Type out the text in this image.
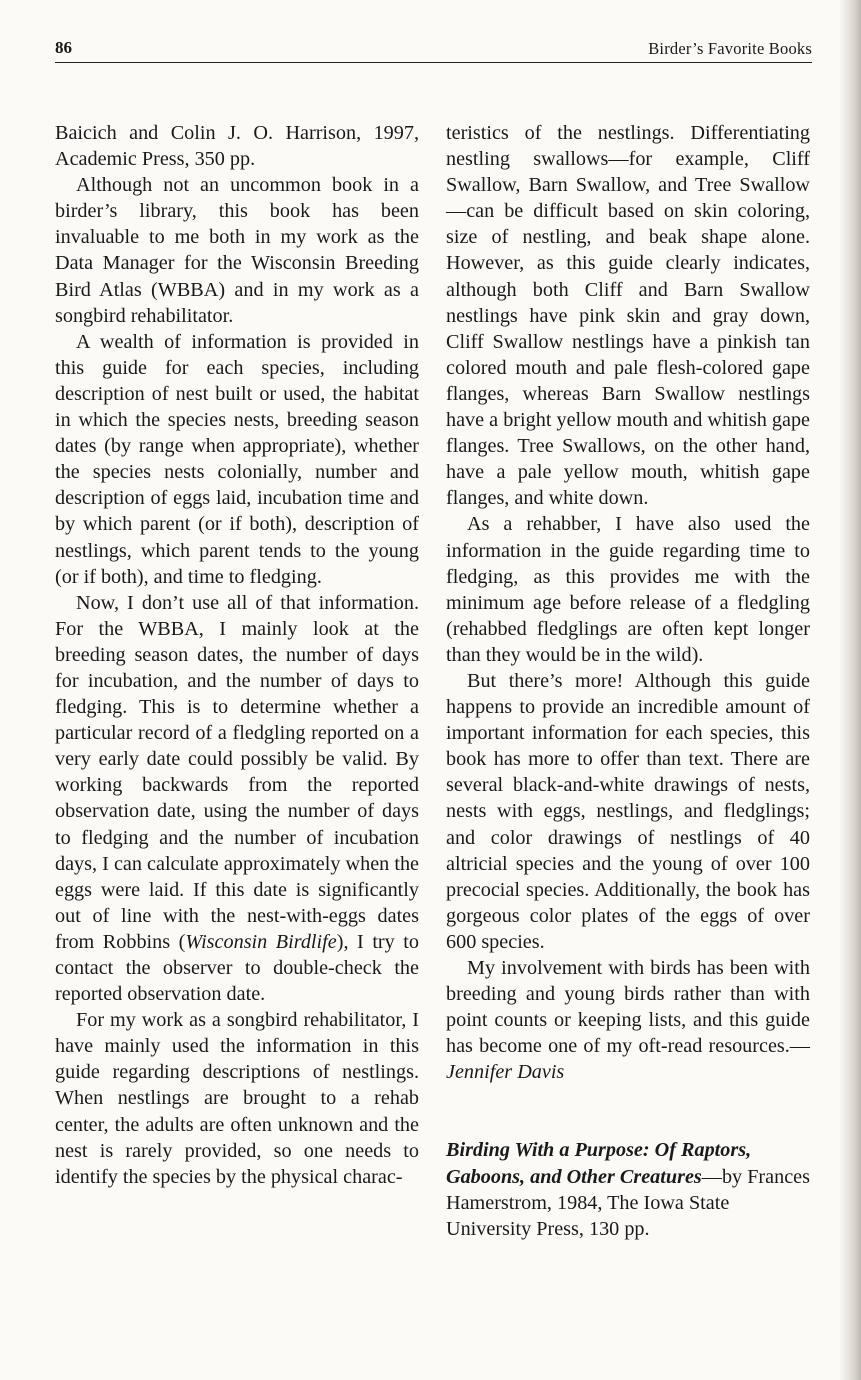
86	Birder’s Favorite Books

Baicich and Colin J. O. Harrison, 1997, Academic Press, 350 pp.

Although not an uncommon book in a birder’s library, this book has been invaluable to me both in my work as the Data Manager for the Wisconsin Breeding Bird Atlas (WBBA) and in my work as a songbird rehabilitator.

A wealth of information is provided in this guide for each species, including description of nest built or used, the habitat in which the species nests, breeding season dates (by range when appropriate), whether the species nests colonially, number and description of eggs laid, incubation time and by which parent (or if both), description of nestlings, which parent tends to the young (or if both), and time to fledging.

Now, I don’t use all of that information. For the WBBA, I mainly look at the breeding season dates, the number of days for incubation, and the number of days to fledging. This is to determine whether a particular record of a fledgling reported on a very early date could possibly be valid. By working backwards from the reported observation date, using the number of days to fledging and the number of incubation days, I can calculate approximately when the eggs were laid. If this date is significantly out of line with the nest-with-eggs dates from Robbins (Wisconsin Birdlife), I try to contact the observer to double-check the reported observation date.

For my work as a songbird rehabilitator, I have mainly used the information in this guide regarding descriptions of nestlings. When nestlings are brought to a rehab center, the adults are often unknown and the nest is rarely provided, so one needs to identify the species by the physical charac-

teristics of the nestlings. Differentiating nestling swallows—for example, Cliff Swallow, Barn Swallow, and Tree Swallow—can be difficult based on skin coloring, size of nestling, and beak shape alone. However, as this guide clearly indicates, although both Cliff and Barn Swallow nestlings have pink skin and gray down, Cliff Swallow nestlings have a pinkish tan colored mouth and pale flesh-colored gape flanges, whereas Barn Swallow nestlings have a bright yellow mouth and whitish gape flanges. Tree Swallows, on the other hand, have a pale yellow mouth, whitish gape flanges, and white down.

As a rehabber, I have also used the information in the guide regarding time to fledging, as this provides me with the minimum age before release of a fledgling (rehabbed fledglings are often kept longer than they would be in the wild).

But there’s more! Although this guide happens to provide an incredible amount of important information for each species, this book has more to offer than text. There are several black-and-white drawings of nests, nests with eggs, nestlings, and fledglings; and color drawings of nestlings of 40 altricial species and the young of over 100 precocial species. Additionally, the book has gorgeous color plates of the eggs of over 600 species.

My involvement with birds has been with breeding and young birds rather than with point counts or keeping lists, and this guide has become one of my oft-read resources.—Jennifer Davis

Birding With a Purpose: Of Raptors, Gaboons, and Other Creatures—by Frances Hamerstrom, 1984, The Iowa State University Press, 130 pp.
